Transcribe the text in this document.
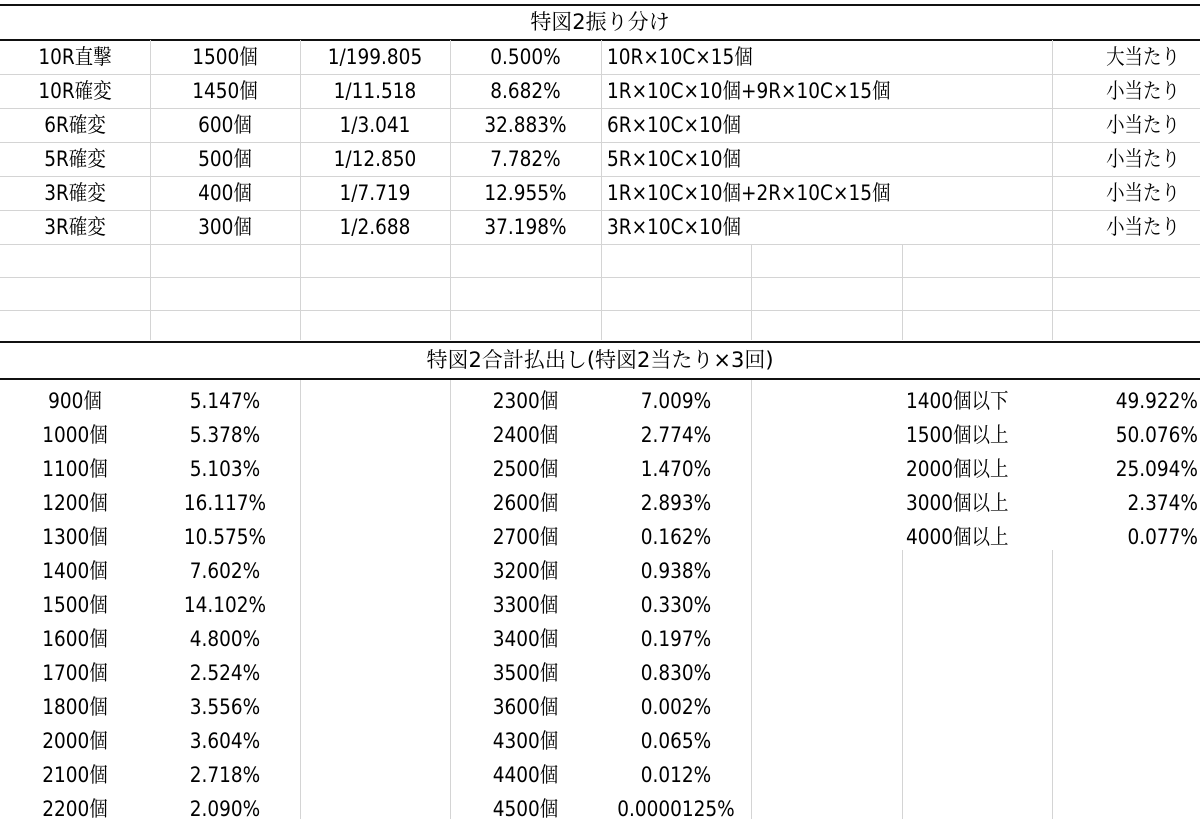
特図2振り分け
10R直撃	1500個	1/199.805	0.500%	10R×10C×15個	大当たり
10R確変	1450個	1/11.518	8.682%	1R×10C×10個+9R×10C×15個	小当たり
6R確変	600個	1/3.041	32.883%	6R×10C×10個	小当たり
5R確変	500個	1/12.850	7.782%	5R×10C×10個	小当たり
3R確変	400個	1/7.719	12.955%	1R×10C×10個+2R×10C×15個	小当たり
3R確変	300個	1/2.688	37.198%	3R×10C×10個	小当たり
特図2合計払出し(特図2当たり×3回)
900個	5.147%
1000個	5.378%
1100個	5.103%
1200個	16.117%
1300個	10.575%
1400個	7.602%
1500個	14.102%
1600個	4.800%
1700個	2.524%
1800個	3.556%
2000個	3.604%
2100個	2.718%
2200個	2.090%
2300個	7.009%
2400個	2.774%
2500個	1.470%
2600個	2.893%
2700個	0.162%
3200個	0.938%
3300個	0.330%
3400個	0.197%
3500個	0.830%
3600個	0.002%
4300個	0.065%
4400個	0.012%
4500個	0.0000125%
1400個以下	49.922%
1500個以上	50.076%
2000個以上	25.094%
3000個以上	2.374%
4000個以上	0.077%
